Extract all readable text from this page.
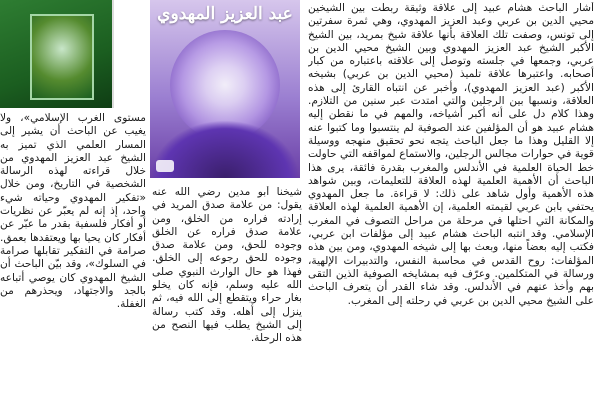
عبد العزيز المهدوي	أشار الباحث هشام عبيد إلى علاقة وثيقة ربطت بين الشيخين محيي الدين بن عربي وعبد العزيز المهدوي، وهي ثمرة سفرتين إلى تونس، وصفت تلك العلاقة بأنها علاقة شيخ بمريد، بين الشيخ الأكبر الشيخ عبد العزيز المهدوي وبين الشيخ محيي الدين بن عربي، وجمعها في جلسته وتوصل إلى علاقته باعتباره من كبار أصحابه. واعتبرها علاقة تلميذ (محيي الدين بن عربي) بشيخه الأكبر (عبد العزيز المهدوي)، وأخبر عن انتباه القارئ إلى هذه العلاقة، ونسبها بين الرجلين والتي امتدت عبر سنين من التلازم. وهذا كلام دل على أنه أكبر أشياخه، والمهم في ما نقطن إليه هشام عبيد هو أن المؤلفين عند الصوفية لم ينتسبوا وما كتبوا عنه إلا القليل وهذا ما جعل الباحث يتجه نحو تحقيق منهجه ووسيلة قوية في حوارات مجالس الرجلين، والاستماع لمواقفه التي حاولت خط الحياة العلمية في الأندلس والمغرب بقدرة فائقة، يرى هذا الباحث أن الأهمية العلمية لهذه العلاقة للتعليمات، وبين شواهد هذه الأهمية وأول شاهد على ذلك: لا قراءة. ما جعل المهدوي يحتفي بابن عربي لقيمته العلمية، إن الأهمية العلمية لهذه العلاقة والمكانة التي احتلها في مرحلة من مراحل التصوف في المغرب الإسلامي. وقد انتبه الباحث هشام عبيد إلى مؤلفات ابن عربي، فكتب إليه بعضاً منها، وبعث بها إلى شيخه المهدوي، ومن بين هذه المؤلفات: روح القدس في محاسبة النفس، والتدبيرات الإلهية، ورسالة في المتكلمين. وعرّف فيه بمشايخه الصوفية الذين التقى بهم وأخذ عنهم في الأندلس. وقد شاء القدر أن يتعرف الباحث على الشيخ محيي الدين بن عربي في رحلته إلى المغرب.

شيخنا أبو مدين رضي الله عنه يقول: من علامة صدق المريد في إرادته فراره من الخلق، ومن علامة صدق فراره عن الخلق وجوده للحق، ومن علامة صدق وجوده للحق رجوعه إلى الخلق. فهذا هو حال الوارث النبوي صلى الله عليه وسلم، فإنه كان يخلو بغار حراء ويتقطع إلى الله فيه، ثم ينزل إلى أهله. وقد كتب رسالة إلى الشيخ يطلب فيها النصح من هذه الرحلة.

مستوى الغرب الإسلامي»، ولا يغيب عن الباحث أن يشير إلى المسار العلمي الذي تميز به الشيخ عبد العزيز المهدوي من خلال قراءته لهذه الرسالة الشخصية في التاريخ، ومن خلال «تفكير المهدوي وحياته شيء واحد، إذ إنه لم يعبّر عن نظريات أو أفكار فلسفية بقدر ما عبّر عن أفكار كان يحيا بها ويعتقدها بعمق. صرامة في التفكير تقابلها صرامة في السلوك»، وقد بيّن الباحث أن الشيخ المهدوي كان يوصي أتباعه بالجد والاجتهاد، ويحذرهم من الغفلة.
